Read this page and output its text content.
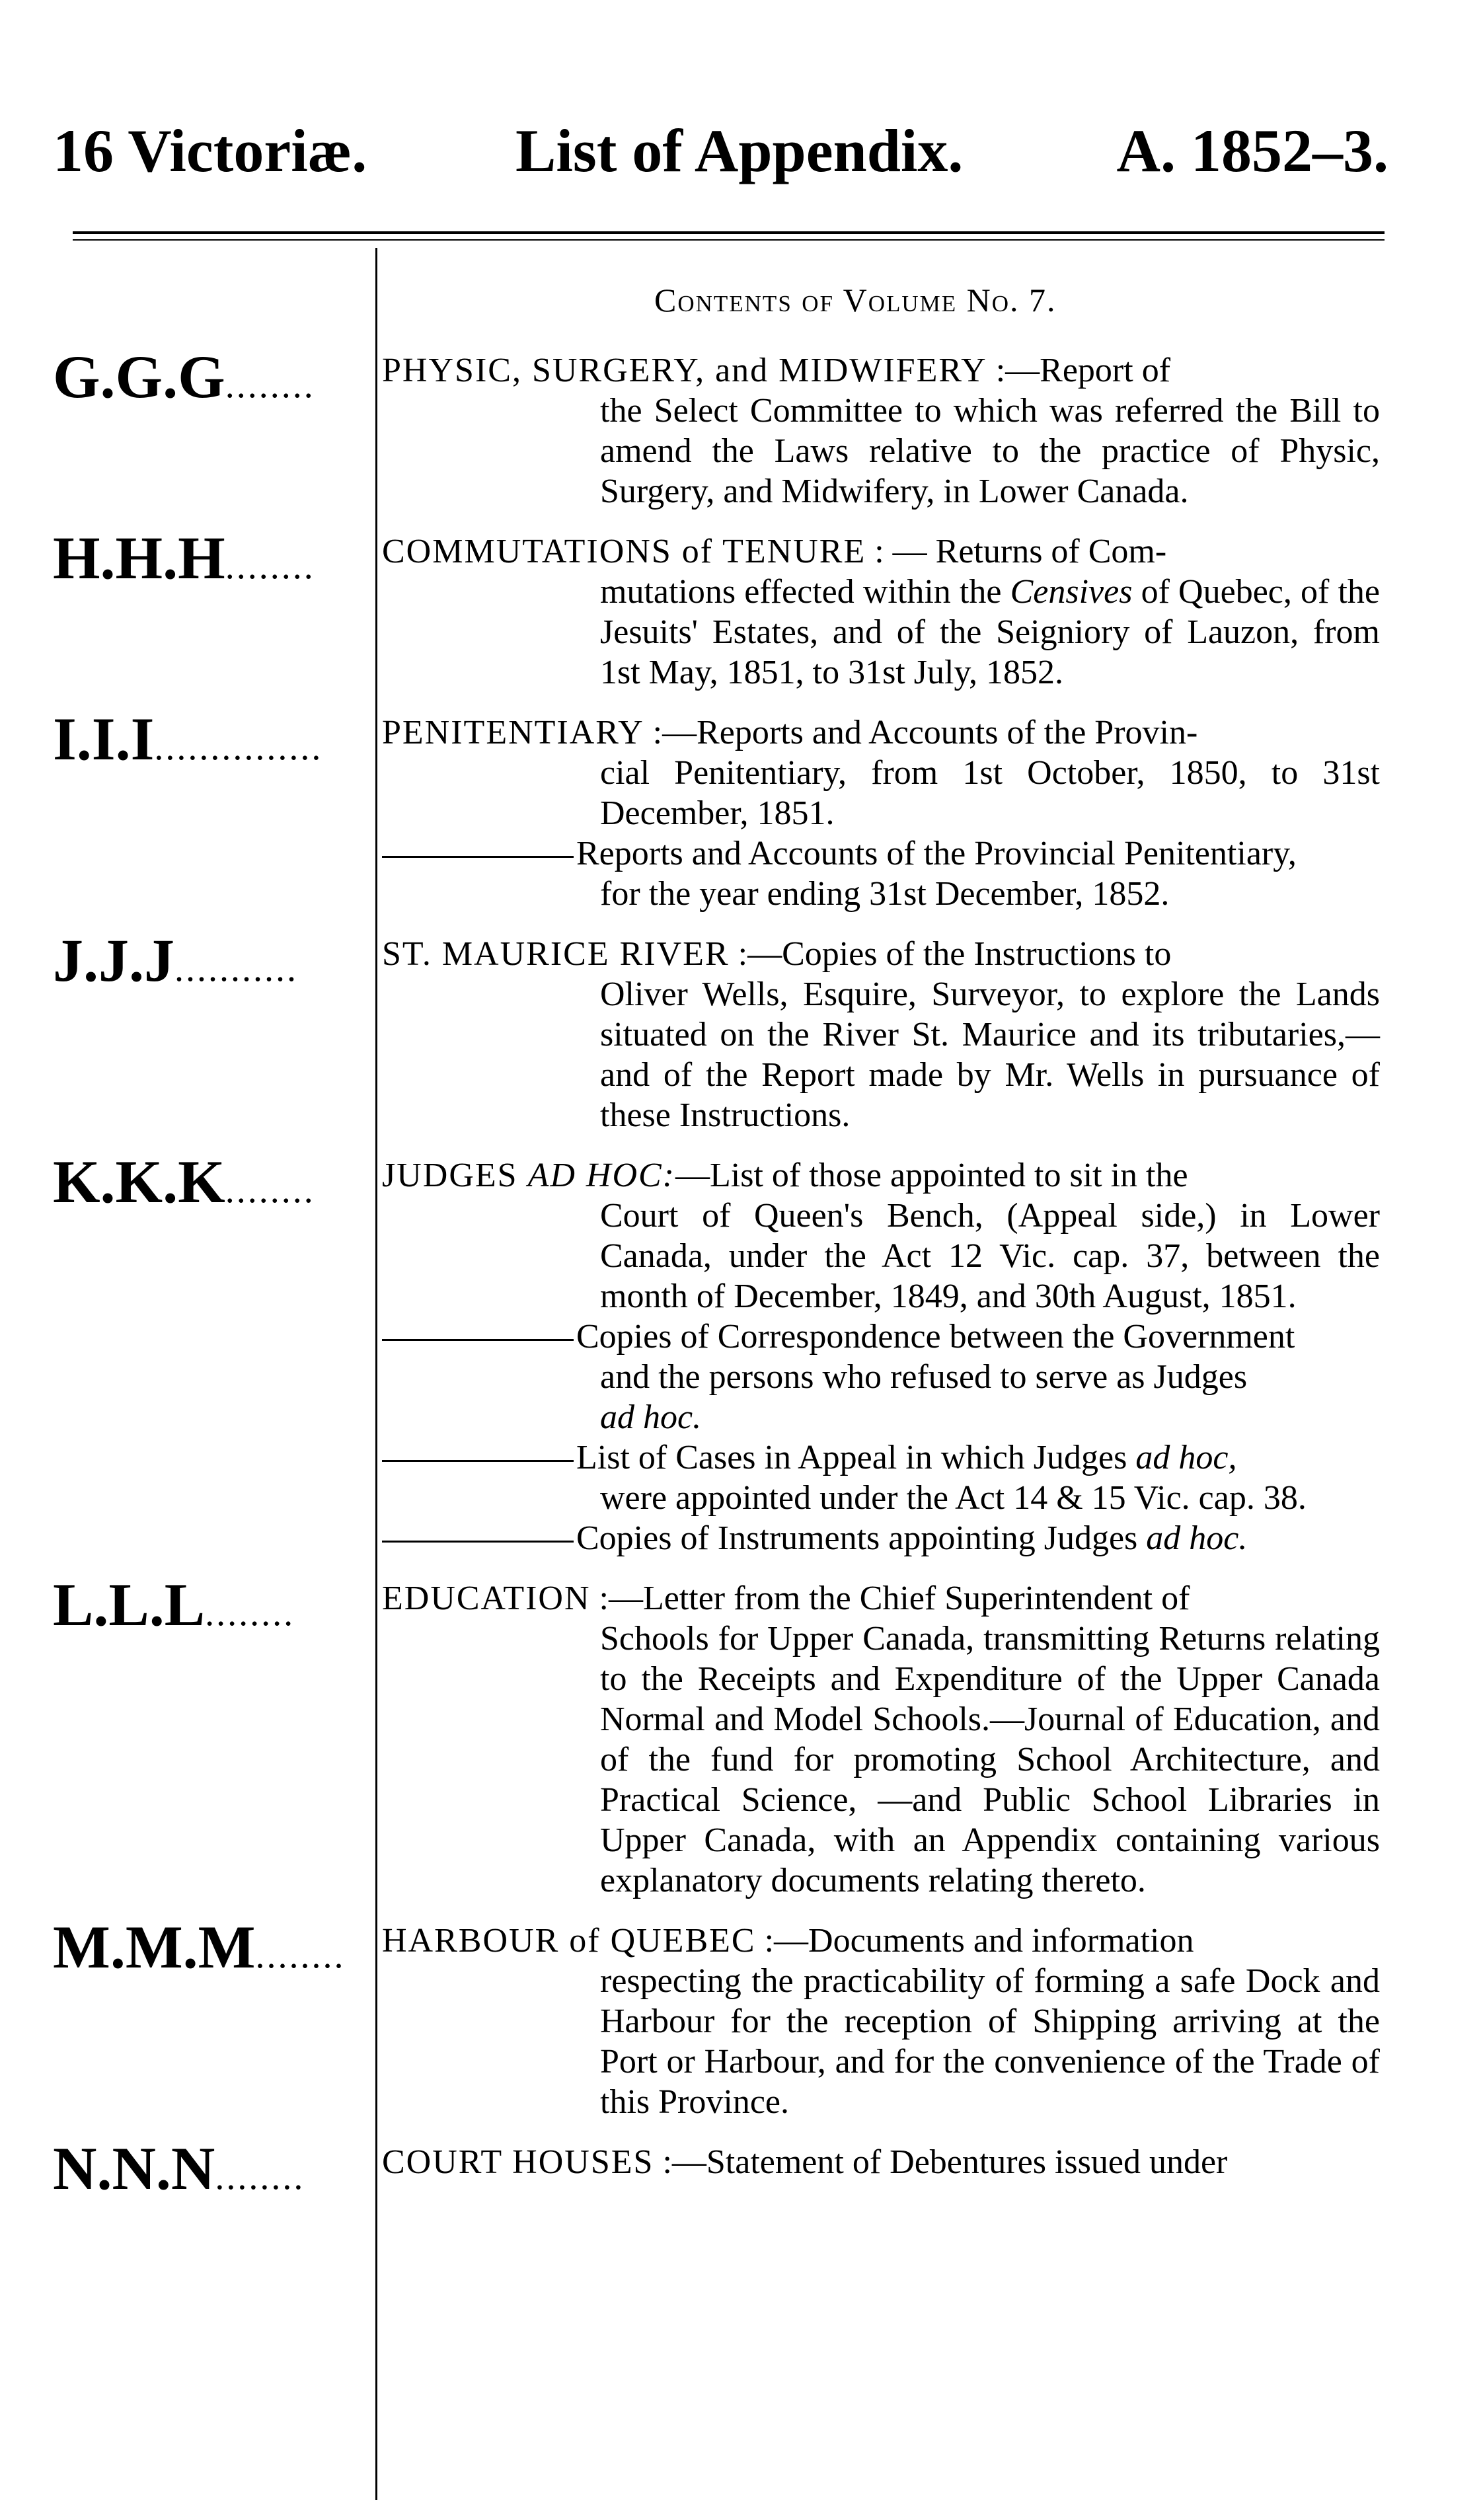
16 Victoriæ. List of Appendix.	A. 1852–3.
Contents of Volume No. 7.
G.G.G........	PHYSIC, SURGERY, and MIDWIFERY :—Report of
the Select Committee to which was referred the Bill to amend the Laws relative to the practice of Physic, Surgery, and Midwifery, in Lower Canada.
H.H.H........	COMMUTATIONS of TENURE : — Returns of Com-
mutations effected within the Censives of Quebec, of the Jesuits' Estates, and of the Seigniory of Lauzon, from 1st May, 1851, to 31st July, 1852.
I.I.I...............	PENITENTIARY :—Reports and Accounts of the Provin-
cial Penitentiary, from 1st October, 1850, to 31st December, 1851.
Reports and Accounts of the Provincial Penitentiary,
for the year ending 31st December, 1852.
J.J.J...........	ST. MAURICE RIVER :—Copies of the Instructions to
Oliver Wells, Esquire, Surveyor, to explore the Lands situated on the River St. Maurice and its tributaries,—and of the Report made by Mr. Wells in pursuance of these Instructions.
K.K.K........	JUDGES AD HOC:—List of those appointed to sit in the
Court of Queen's Bench, (Appeal side,) in Lower Canada, under the Act 12 Vic. cap. 37, between the month of December, 1849, and 30th August, 1851.
Copies of Correspondence between the Government
and the persons who refused to serve as Judges
ad hoc.
List of Cases in Appeal in which Judges ad hoc,
were appointed under the Act 14 & 15 Vic. cap. 38.
Copies of Instruments appointing Judges ad hoc.
L.L.L........	EDUCATION :—Letter from the Chief Superintendent of
Schools for Upper Canada, transmitting Returns relating to the Receipts and Expenditure of the Upper Canada Normal and Model Schools.—Journal of Education, and of the fund for promoting School Architecture, and Practical Science, —and Public School Libraries in Upper Canada, with an Appendix containing various explanatory documents relating thereto.
M.M.M........	HARBOUR of QUEBEC :—Documents and information
respecting the practicability of forming a safe Dock and Harbour for the reception of Shipping arriving at the Port or Harbour, and for the convenience of the Trade of this Province.
N.N.N........	COURT HOUSES :—Statement of Debentures issued under
